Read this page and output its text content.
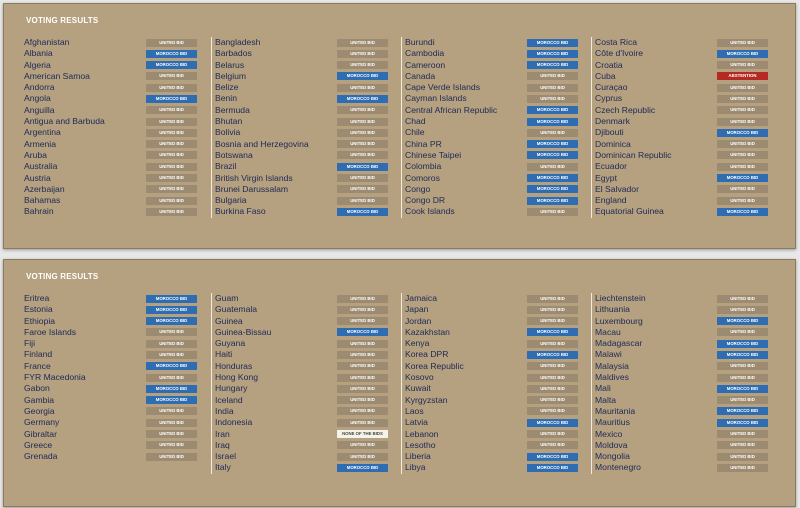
VOTING RESULTS
Afghanistan	UNITED BID
Albania	MOROCCO BID
Algeria	MOROCCO BID
American Samoa	UNITED BID
Andorra	UNITED BID
Angola	MOROCCO BID
Anguilla	UNITED BID
Antigua and Barbuda	UNITED BID
Argentina	UNITED BID
Armenia	UNITED BID
Aruba	UNITED BID
Australia	UNITED BID
Austria	UNITED BID
Azerbaijan	UNITED BID
Bahamas	UNITED BID
Bahrain	UNITED BID
Bangladesh	UNITED BID
Barbados	UNITED BID
Belarus	UNITED BID
Belgium	MOROCCO BID
Belize	UNITED BID
Benin	MOROCCO BID
Bermuda	UNITED BID
Bhutan	UNITED BID
Bolivia	UNITED BID
Bosnia and Herzegovina	UNITED BID
Botswana	UNITED BID
Brazil	MOROCCO BID
British Virgin Islands	UNITED BID
Brunei Darussalam	UNITED BID
Bulgaria	UNITED BID
Burkina Faso	MOROCCO BID
Burundi	MOROCCO BID
Cambodia	MOROCCO BID
Cameroon	MOROCCO BID
Canada	UNITED BID
Cape Verde Islands	UNITED BID
Cayman Islands	UNITED BID
Central African Republic	MOROCCO BID
Chad	MOROCCO BID
Chile	UNITED BID
China PR	MOROCCO BID
Chinese Taipei	MOROCCO BID
Colombia	UNITED BID
Comoros	MOROCCO BID
Congo	MOROCCO BID
Congo DR	MOROCCO BID
Cook Islands	UNITED BID
Costa Rica	UNITED BID
Côte d'Ivoire	MOROCCO BID
Croatia	UNITED BID
Cuba	ABSTENTION
Curaçao	UNITED BID
Cyprus	UNITED BID
Czech Republic	UNITED BID
Denmark	UNITED BID
Djibouti	MOROCCO BID
Dominica	UNITED BID
Dominican Republic	UNITED BID
Ecuador	UNITED BID
Egypt	MOROCCO BID
El Salvador	UNITED BID
England	UNITED BID
Equatorial Guinea	MOROCCO BID
VOTING RESULTS
Eritrea	MOROCCO BID
Estonia	MOROCCO BID
Ethiopia	MOROCCO BID
Faroe Islands	UNITED BID
Fiji	UNITED BID
Finland	UNITED BID
France	MOROCCO BID
FYR Macedonia	UNITED BID
Gabon	MOROCCO BID
Gambia	MOROCCO BID
Georgia	UNITED BID
Germany	UNITED BID
Gibraltar	UNITED BID
Greece	UNITED BID
Grenada	UNITED BID
Guam	UNITED BID
Guatemala	UNITED BID
Guinea	UNITED BID
Guinea-Bissau	MOROCCO BID
Guyana	UNITED BID
Haiti	UNITED BID
Honduras	UNITED BID
Hong Kong	UNITED BID
Hungary	UNITED BID
Iceland	UNITED BID
India	UNITED BID
Indonesia	UNITED BID
Iran	NONE OF THE BIDS
Iraq	UNITED BID
Israel	UNITED BID
Italy	MOROCCO BID
Jamaica	UNITED BID
Japan	UNITED BID
Jordan	UNITED BID
Kazakhstan	MOROCCO BID
Kenya	UNITED BID
Korea DPR	MOROCCO BID
Korea Republic	UNITED BID
Kosovo	UNITED BID
Kuwait	UNITED BID
Kyrgyzstan	UNITED BID
Laos	UNITED BID
Latvia	MOROCCO BID
Lebanon	UNITED BID
Lesotho	UNITED BID
Liberia	MOROCCO BID
Libya	MOROCCO BID
Liechtenstein	UNITED BID
Lithuania	UNITED BID
Luxembourg	MOROCCO BID
Macau	UNITED BID
Madagascar	MOROCCO BID
Malawi	MOROCCO BID
Malaysia	UNITED BID
Maldives	UNITED BID
Mali	MOROCCO BID
Malta	UNITED BID
Mauritania	MOROCCO BID
Mauritius	MOROCCO BID
Mexico	UNITED BID
Moldova	UNITED BID
Mongolia	UNITED BID
Montenegro	UNITED BID
